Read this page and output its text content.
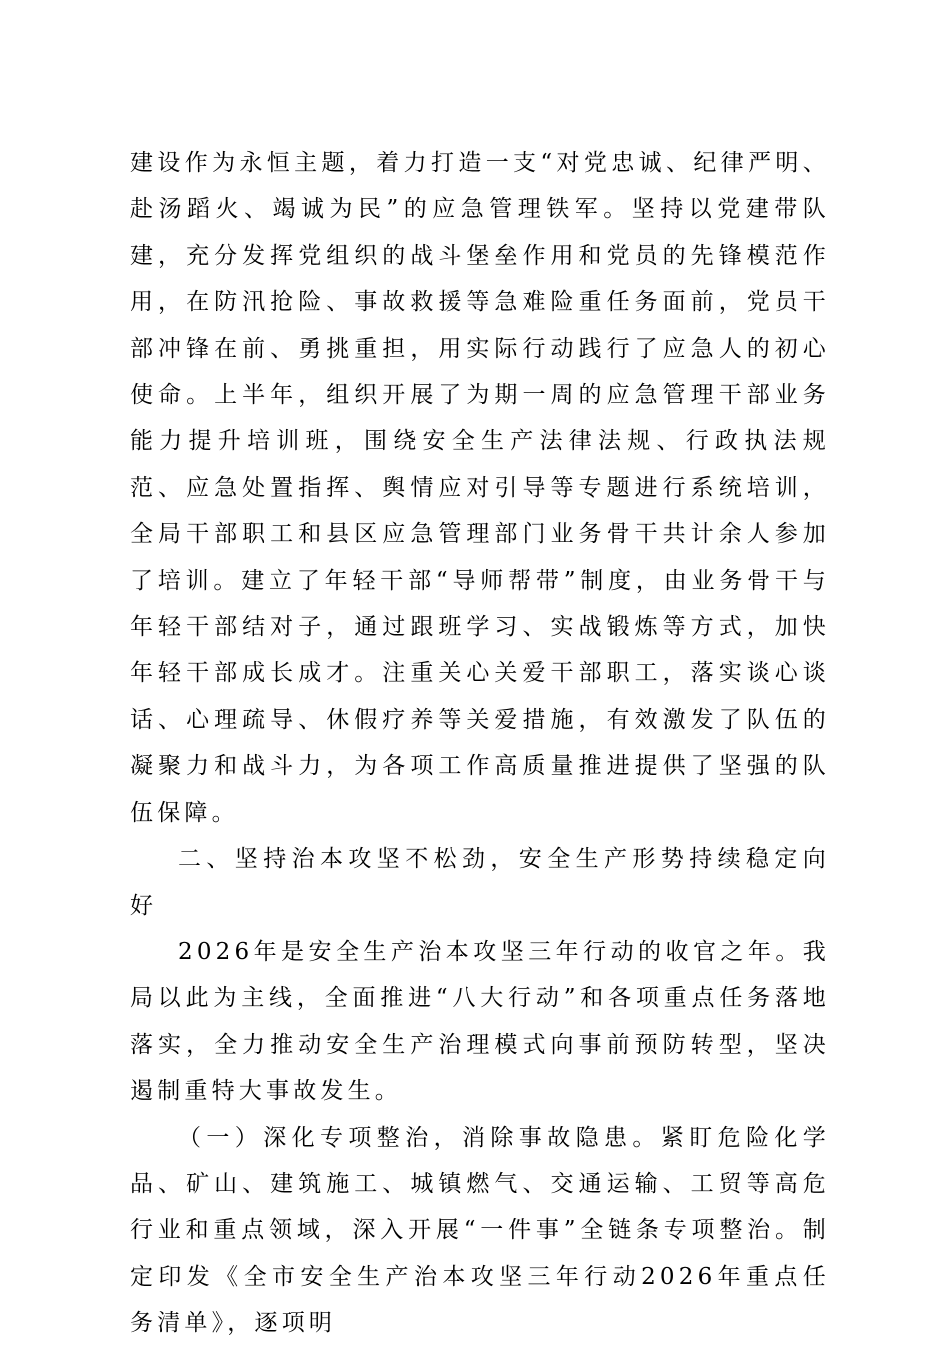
建设作为永恒主题，着力打造一支“对党忠诚、纪律严明、赴汤蹈火、竭诚为民”的应急管理铁军。坚持以党建带队建，充分发挥党组织的战斗堡垒作用和党员的先锋模范作用，在防汛抢险、事故救援等急难险重任务面前，党员干部冲锋在前、勇挑重担，用实际行动践行了应急人的初心使命。上半年，组织开展了为期一周的应急管理干部业务能力提升培训班，围绕安全生产法律法规、行政执法规范、应急处置指挥、舆情应对引导等专题进行系统培训，全局干部职工和县区应急管理部门业务骨干共计余人参加了培训。建立了年轻干部“导师帮带”制度，由业务骨干与年轻干部结对子，通过跟班学习、实战锻炼等方式，加快年轻干部成长成才。注重关心关爱干部职工，落实谈心谈话、心理疏导、休假疗养等关爱措施，有效激发了队伍的凝聚力和战斗力，为各项工作高质量推进提供了坚强的队伍保障。

二、坚持治本攻坚不松劲，安全生产形势持续稳定向好

2026年是安全生产治本攻坚三年行动的收官之年。我局以此为主线，全面推进“八大行动”和各项重点任务落地落实，全力推动安全生产治理模式向事前预防转型，坚决遏制重特大事故发生。

（一）深化专项整治，消除事故隐患。紧盯危险化学品、矿山、建筑施工、城镇燃气、交通运输、工贸等高危行业和重点领域，深入开展“一件事”全链条专项整治。制定印发《全市安全生产治本攻坚三年行动2026年重点任务清单》，逐项明
